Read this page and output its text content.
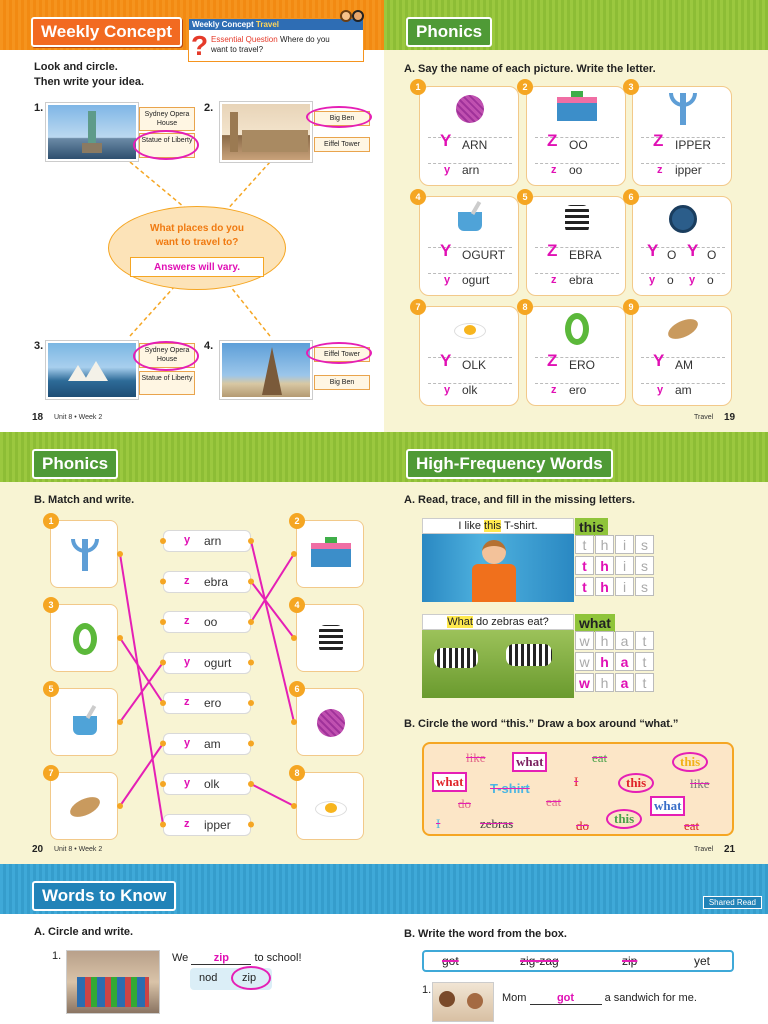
Weekly Concept	Weekly Concept Travel
? Essential Question Where do you
want to travel?
Look and circle.
Then write your idea.
1.
Sydney Opera House
Statue of Liberty
2.
Big Ben
Eiffel Tower
What places do you
want to travel to?
Answers will vary.
3.	Sydney Opera House
Statue of Liberty
4.
Eiffel Tower
Big Ben
18 Unit 8 • Week 2
Phonics
A. Say the name of each picture. Write the letter.
1
Y ARN
y arn
2
Z OO
z oo
3
Z IPPER
z ipper
4
Y OGURT
y ogurt
5
Z EBRA
z ebra
6
Y O Y O
y o y o
7
Y OLK
y olk
8
Z ERO
z ero
9
Y AM
y am
Travel 19
Phonics
B. Match and write.
1
3
5
7
2
4
6
8
y arn
z ebra
z oo
y ogurt
z ero
y am
y olk
z ipper
20 Unit 8 • Week 2
High-Frequency Words
A. Read, trace, and fill in the missing letters.
I like this T-shirt.	this
t	h	i	s
t h	i	s
t h	i	s
What do zebras eat?	what
w h a	t
w h a	t
w h a	t
B. Circle the word “this.” Draw a box around “what.”
like	what	eat	this
what	I	this	like
T-shirt
do	eat	what
I	zebras	do	this	eat
Travel 21
Words to Know
A. Circle and write.
1.	We zip to school!
nod zip
Shared Read
B. Write the word from the box.
got	zig-zag	zip	yet
1.
Mom	got	a sandwich for me.
